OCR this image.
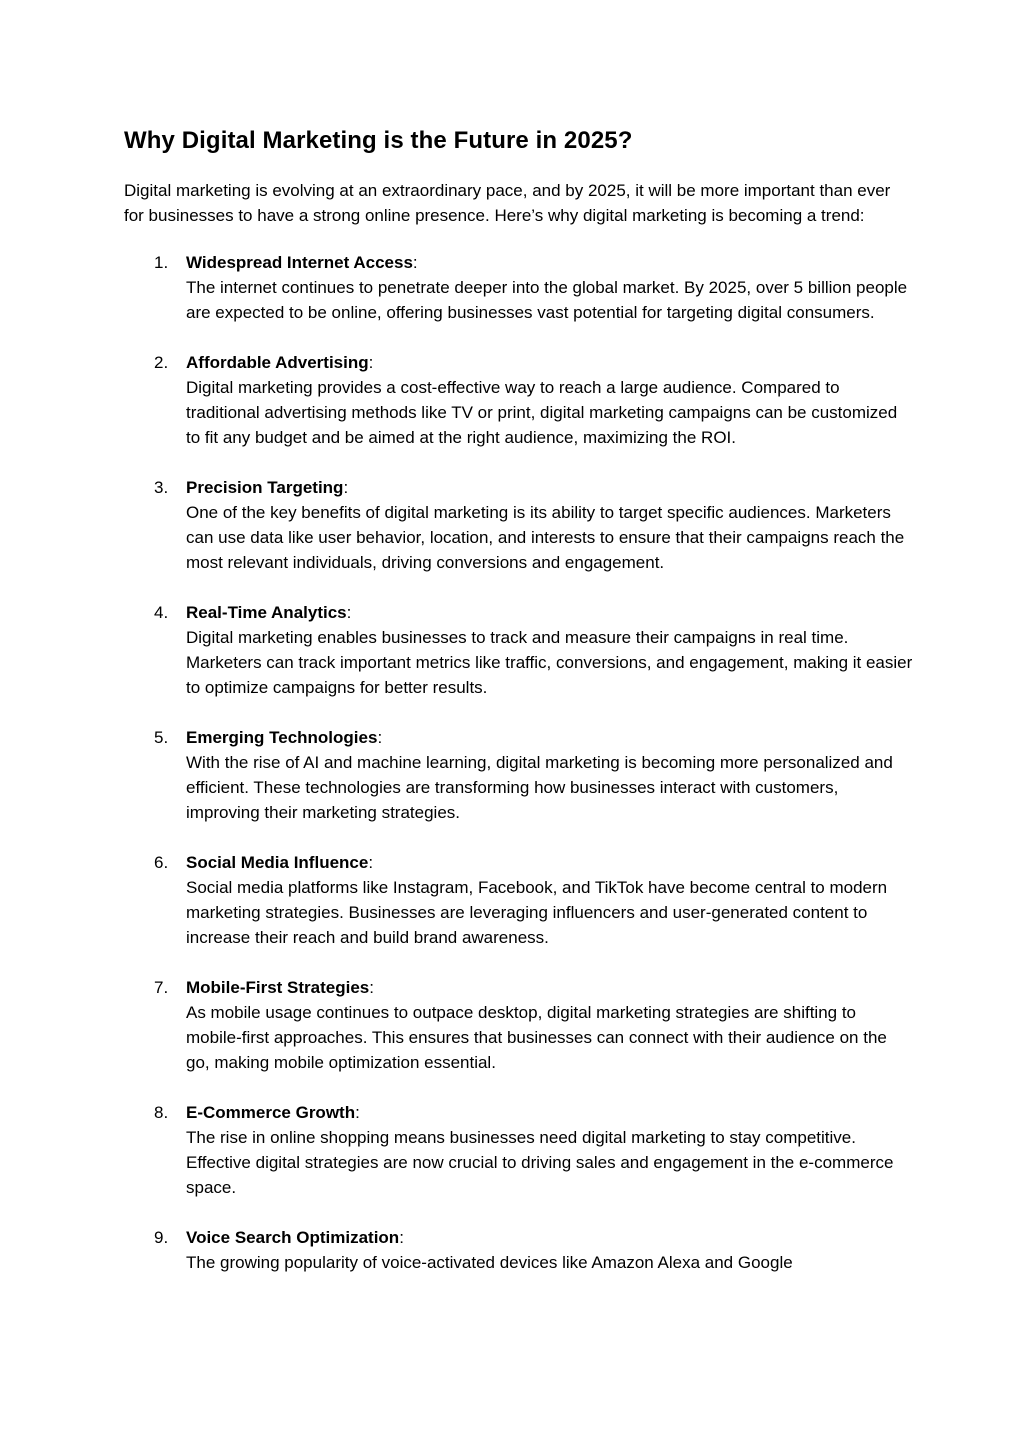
Why Digital Marketing is the Future in 2025?

Digital marketing is evolving at an extraordinary pace, and by 2025, it will be more important than ever for businesses to have a strong online presence. Here’s why digital marketing is becoming a trend:

1. Widespread Internet Access:
The internet continues to penetrate deeper into the global market. By 2025, over 5 billion people are expected to be online, offering businesses vast potential for targeting digital consumers.
2. Affordable Advertising:
Digital marketing provides a cost-effective way to reach a large audience. Compared to traditional advertising methods like TV or print, digital marketing campaigns can be customized to fit any budget and be aimed at the right audience, maximizing the ROI.
3. Precision Targeting:
One of the key benefits of digital marketing is its ability to target specific audiences. Marketers can use data like user behavior, location, and interests to ensure that their campaigns reach the most relevant individuals, driving conversions and engagement.
4. Real-Time Analytics:
Digital marketing enables businesses to track and measure their campaigns in real time. Marketers can track important metrics like traffic, conversions, and engagement, making it easier to optimize campaigns for better results.
5. Emerging Technologies:
With the rise of AI and machine learning, digital marketing is becoming more personalized and efficient. These technologies are transforming how businesses interact with customers, improving their marketing strategies.
6. Social Media Influence:
Social media platforms like Instagram, Facebook, and TikTok have become central to modern marketing strategies. Businesses are leveraging influencers and user-generated content to increase their reach and build brand awareness.
7. Mobile-First Strategies:
As mobile usage continues to outpace desktop, digital marketing strategies are shifting to mobile-first approaches. This ensures that businesses can connect with their audience on the go, making mobile optimization essential.
8. E-Commerce Growth:
The rise in online shopping means businesses need digital marketing to stay competitive. Effective digital strategies are now crucial to driving sales and engagement in the e-commerce space.
9. Voice Search Optimization:
The growing popularity of voice-activated devices like Amazon Alexa and Google
